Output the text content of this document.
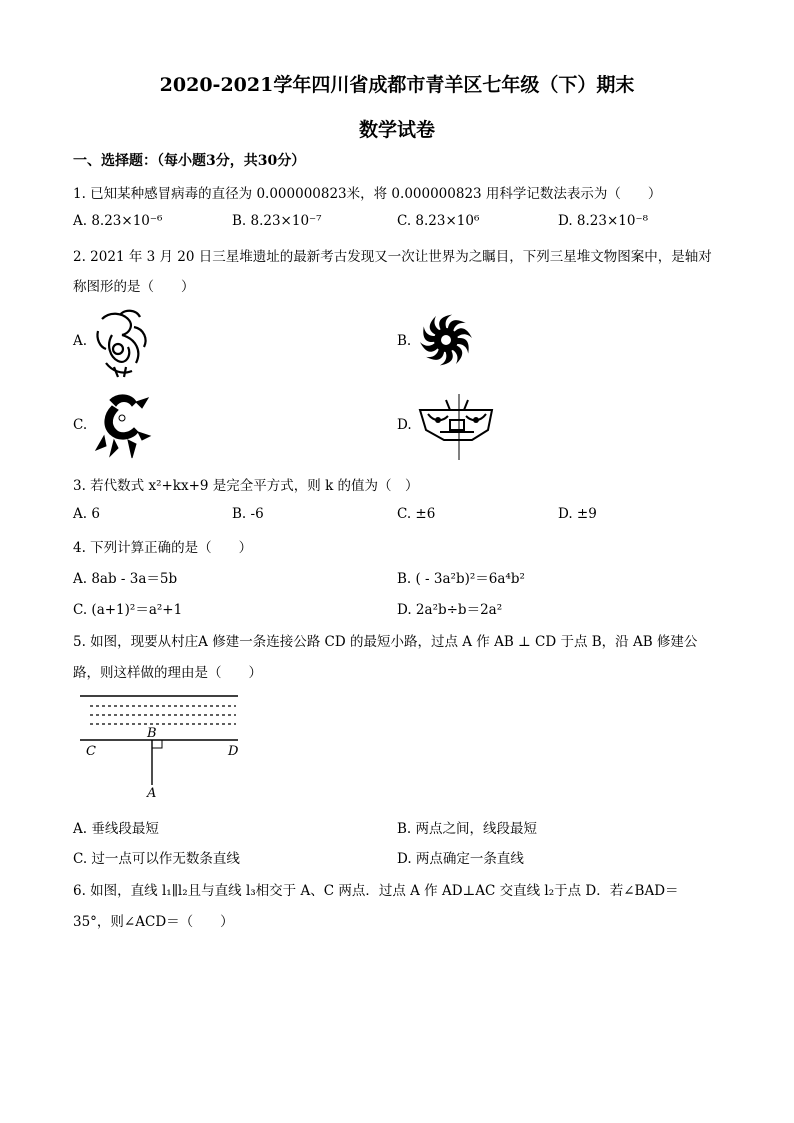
2020-2021学年四川省成都市青羊区七年级（下）期末
数学试卷
一、选择题：（每小题3分，共30分）
1. 已知某种感冒病毒的直径为 0.000000823米，将 0.000000823 用科学记数法表示为（　　）
A. 8.23×10⁻⁶	B. 8.23×10⁻⁷	C. 8.23×10⁶	D. 8.23×10⁻⁸
2. 2021 年 3 月 20 日三星堆遗址的最新考古发现又一次让世界为之瞩目，下列三星堆文物图案中，是轴对
称图形的是（　　）
A.	B.
C.	D.
3. 若代数式 x²+kx+9 是完全平方式，则 k 的值为（　）
A. 6	B. -6	C. ±6	D. ±9
4. 下列计算正确的是（　　）
A. 8ab - 3a＝5b	B. ( - 3a²b)²＝6a⁴b²
C. (a+1)²＝a²+1	D. 2a²b÷b＝2a²
5. 如图，现要从村庄A 修建一条连接公路 CD 的最短小路，过点 A 作 AB ⊥ CD 于点 B，沿 AB 修建公
路，则这样做的理由是（　　）
B
C	D
A
A. 垂线段最短	B. 两点之间，线段最短
C. 过一点可以作无数条直线	D. 两点确定一条直线
6. 如图，直线 l₁∥l₂且与直线 l₃相交于 A、C 两点．过点 A 作 AD⊥AC 交直线 l₂于点 D．若∠BAD＝
35°，则∠ACD＝（　　）
